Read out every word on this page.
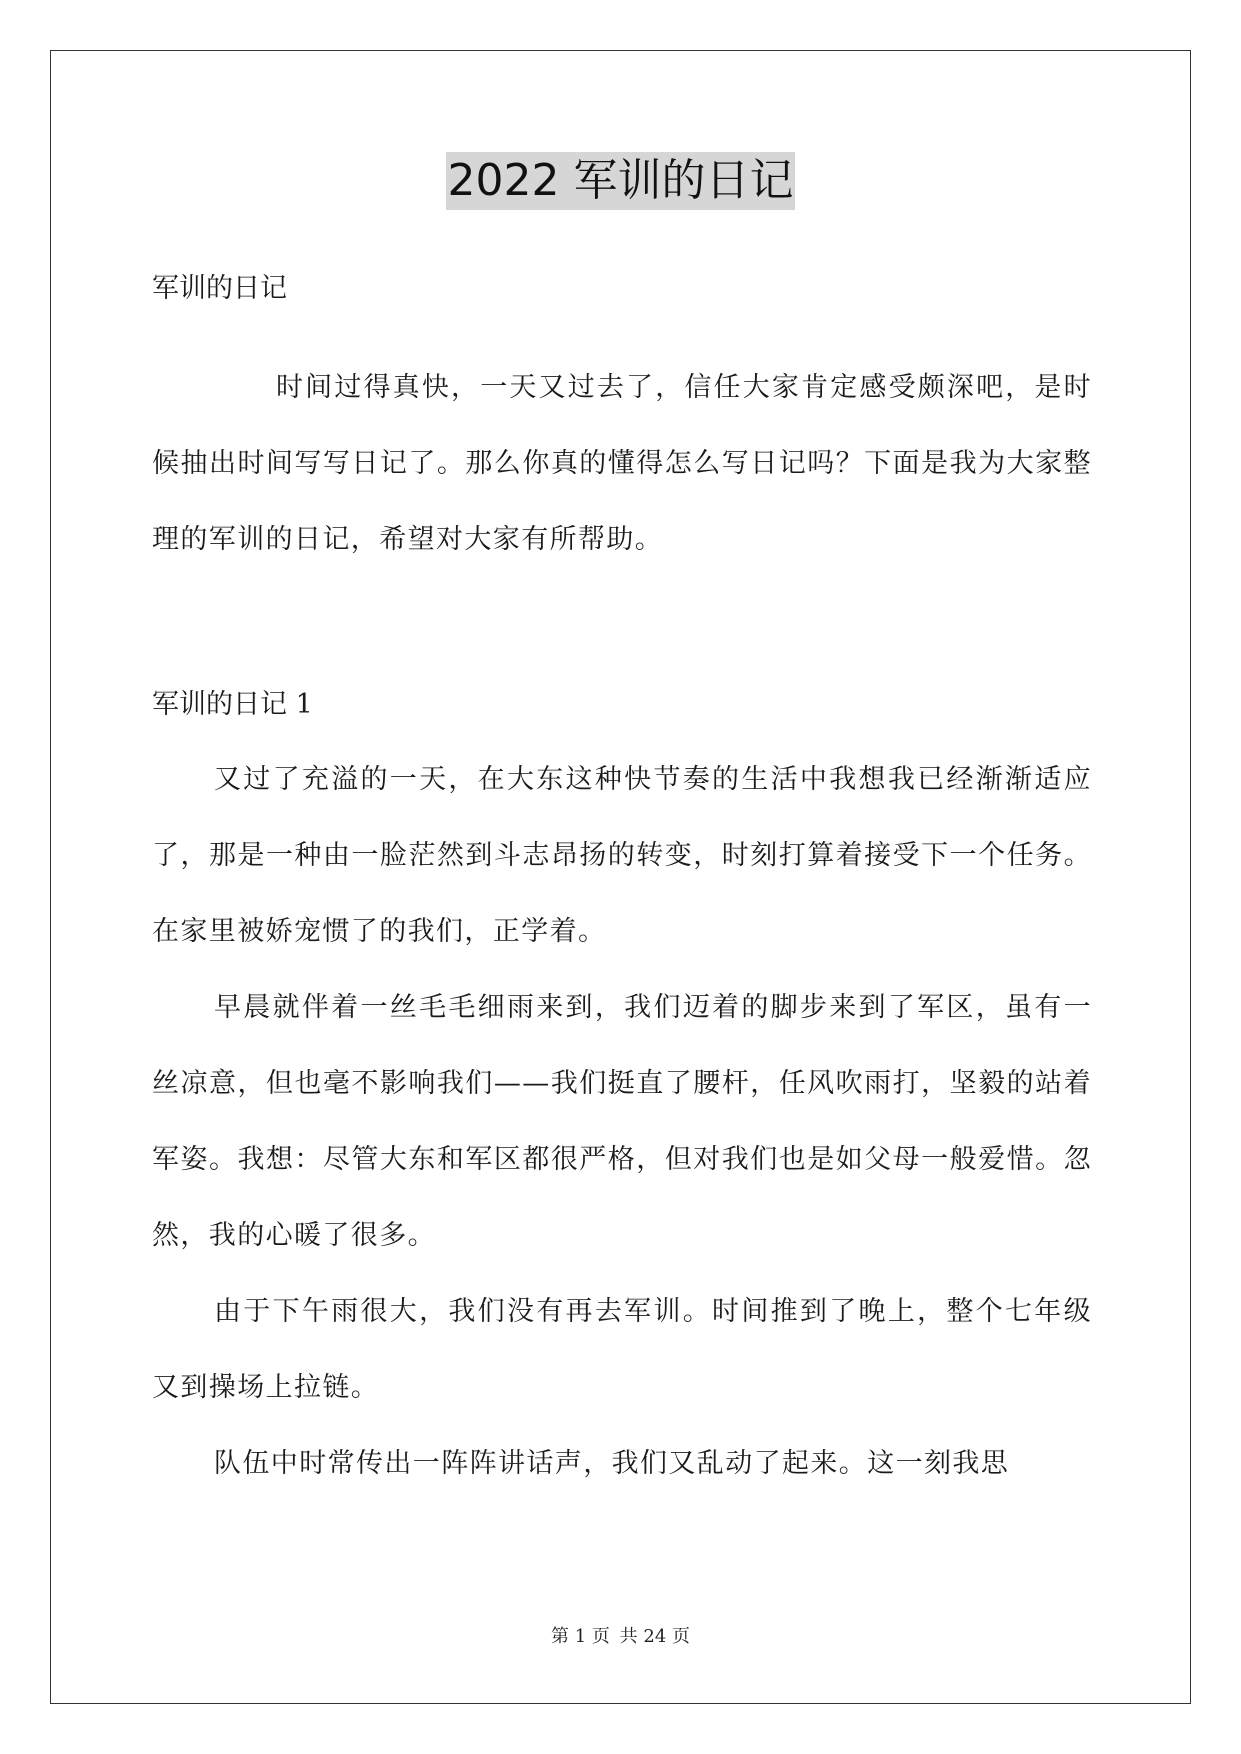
2022 军训的日记

军训的日记

时间过得真快，一天又过去了，信任大家肯定感受颇深吧，是时候抽出时间写写日记了。那么你真的懂得怎么写日记吗？下面是我为大家整理的军训的日记，希望对大家有所帮助。

军训的日记 1

又过了充溢的一天，在大东这种快节奏的生活中我想我已经渐渐适应了，那是一种由一脸茫然到斗志昂扬的转变，时刻打算着接受下一个任务。在家里被娇宠惯了的我们，正学着。

早晨就伴着一丝毛毛细雨来到，我们迈着的脚步来到了军区，虽有一丝凉意，但也毫不影响我们——我们挺直了腰杆，任风吹雨打，坚毅的站着军姿。我想：尽管大东和军区都很严格，但对我们也是如父母一般爱惜。忽然，我的心暖了很多。

由于下午雨很大，我们没有再去军训。时间推到了晚上，整个七年级又到操场上拉链。

队伍中时常传出一阵阵讲话声，我们又乱动了起来。这一刻我思

第 1 页 共 24 页
